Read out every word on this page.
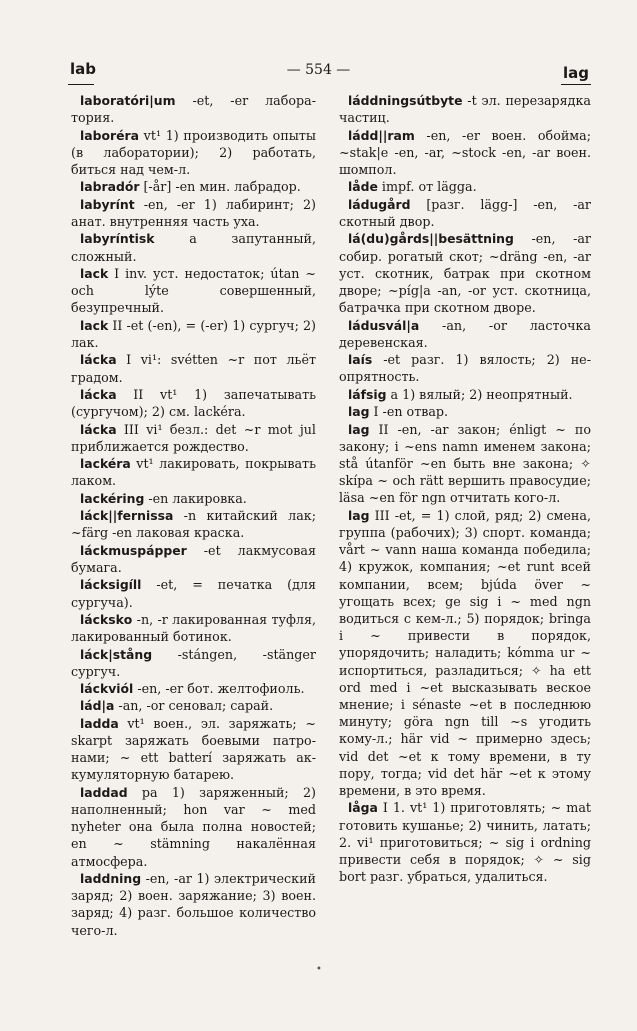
lab	— 554 —	lag
laboratóri|um -et, -er лаборатория.
laboréra vt¹ 1) производить опыты (в лаборатории); 2) работать, биться над чем-л.
labradór [-år] -en мин. лабрадор.
labyrínt -en, -er 1) лабиринт; 2) анат. внутренняя часть уха.
labyríntisk a запутанный, сложный.
lack I inv. уст. недостаток; útan ~ och lýte совершенный, безупречный.
lack II -et (-en), = (-er) 1) сургуч; 2) лак.
lácka I vi¹: svétten ~r пот льёт градом.
lácka II vt¹ 1) запечатывать (сургучом); 2) см. lackéra.
lácka III vi¹ безл.: det ~r mot jul приближается рождество.
lackéra vt¹ лакировать, покрывать лаком.
lackéring -en лакировка.
láck||fernissa -n китайский лак; ~färg -en лаковая краска.
láckmuspápper -et лакмусовая бумага.
lácksigíll -et, = печатка (для сургуча).
láckskо -n, -r лакированная туфля, лакированный ботинок.
láck|stång -stángen, -stänger сургуч.
láckviól -en, -er бот. желтофиоль.
lád|a -an, -or сеновал; сарай.
ladda vt¹ воен., эл. заряжать; ~ skarpt заряжать боевыми патронами; ~ ett batterí заряжать аккумуляторную батарею.
laddad pa 1) заряженный; 2) наполненный; hon var ~ med nyheter она была полна новостей; en ~ stämning накалённая атмосфера.
laddning -en, -ar 1) электрический заряд; 2) воен. заряжание; 3) воен. заряд; 4) разг. большое количество чего-л.
láddningsútbyte -t эл. перезарядка частиц.
ládd||ram -en, -er воен. обойма; ~stak|e -en, -ar, ~stock -en, -ar воен. шомпол.
låde impf. от lägga.
ládugård [разг. lägg-] -en, -ar скотный двор.
lá(du)gårds||besättning -en, -ar собир. рогатый скот; ~dräng -en, -ar уст. скотник, батрак при скотном дворе; ~píg|a -an, -or уст. скотница, батрачка при скотном дворе.
ládusvál|a -an, -or ласточка деревенская.
laís -et разг. 1) вялость; 2) неопрятность.
láfsig a 1) вялый; 2) неопрятный.
lag I -en отвар.
lag II -en, -ar закон; énligt ~ по закону; i ~ens namn именем закона; stå útanför ~en быть вне закона; ✧ skípa ~ och rätt вершить правосудие; läsa ~en för ngn отчитать кого-л.
lag III -et, = 1) слой, ряд; 2) смена, группа (рабочих); 3) спорт. команда; vårt ~ vann наша команда победила; 4) кружок, компания; ~et runt всей компании, всем; bjúda över ~ угощать всех; ge sig i ~ med ngn водиться с кем-л.; 5) порядок; bringa i ~ привести в порядок, упорядочить; наладить; kómma ur ~ испортиться, разладиться; ✧ ha ett ord med i ~et высказывать веское мнение; i sénaste ~et в последнюю минуту; göra ngn till ~s угодить кому-л.; här vid ~ примерно здесь; vid det ~et к тому времени, в ту пору, тогда; vid det här ~et к этому времени, в это время.
låga I 1. vt¹ 1) приготовлять; ~ mat готовить кушанье; 2) чинить, латать; 2. vi¹ приготовиться; ~ sig i ordning привести себя в порядок; ✧ ~ sig bort разг. убраться, удалиться.
•
